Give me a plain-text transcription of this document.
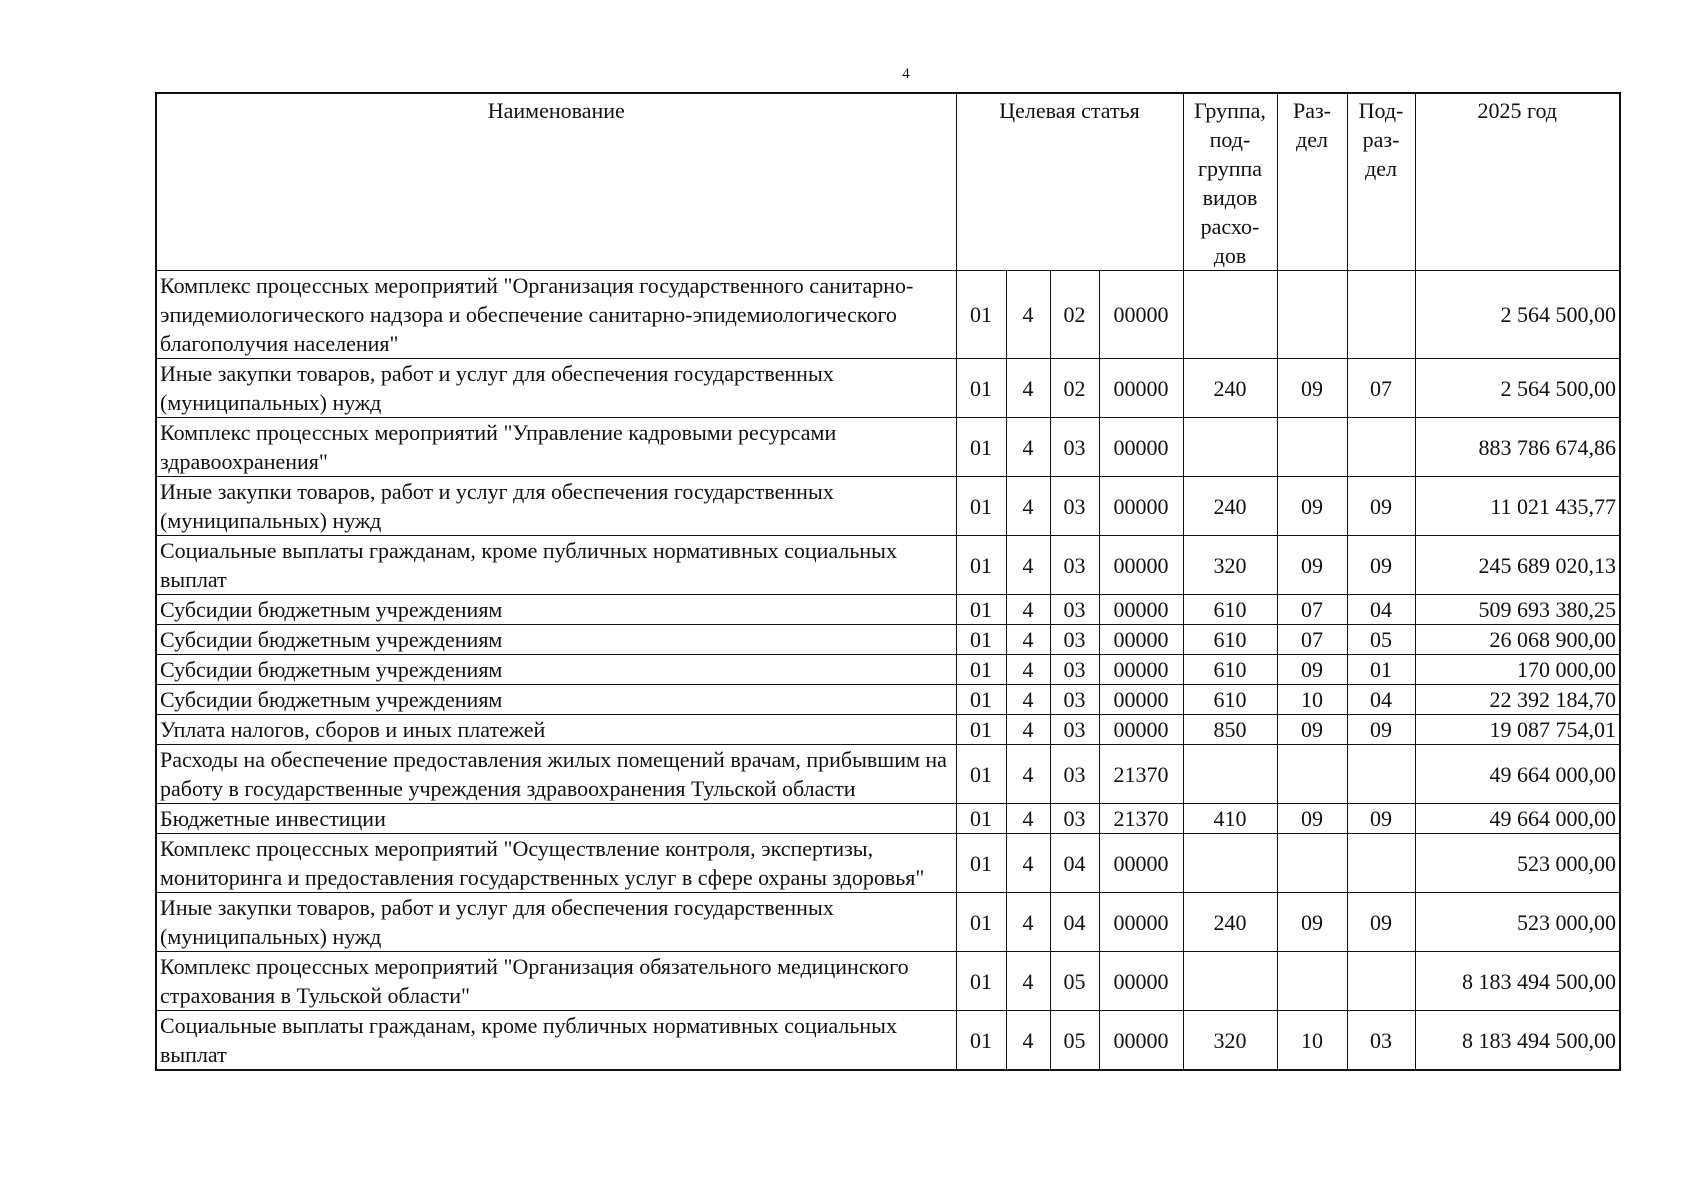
4
Наименование	Целевая статья				Группа, под-группа видов расхо-дов	Раз-дел	Под-раз-дел	2025 год
Комплекс процессных мероприятий "Организация государственного санитарно-эпидемиологического надзора и обеспечение санитарно-эпидемиологического благополучия населения"	01	4	02	00000				2 564 500,00
Иные закупки товаров, работ и услуг для обеспечения государственных (муниципальных) нужд	01	4	02	00000	240	09	07	2 564 500,00
Комплекс процессных мероприятий "Управление кадровыми ресурсами здравоохранения"	01	4	03	00000				883 786 674,86
Иные закупки товаров, работ и услуг для обеспечения государственных (муниципальных) нужд	01	4	03	00000	240	09	09	11 021 435,77
Социальные выплаты гражданам, кроме публичных нормативных социальных выплат	01	4	03	00000	320	09	09	245 689 020,13
Субсидии бюджетным учреждениям	01	4	03	00000	610	07	04	509 693 380,25
Субсидии бюджетным учреждениям	01	4	03	00000	610	07	05	26 068 900,00
Субсидии бюджетным учреждениям	01	4	03	00000	610	09	01	170 000,00
Субсидии бюджетным учреждениям	01	4	03	00000	610	10	04	22 392 184,70
Уплата налогов, сборов и иных платежей	01	4	03	00000	850	09	09	19 087 754,01
Расходы на обеспечение предоставления жилых помещений врачам, прибывшим на работу в государственные учреждения здравоохранения Тульской области	01	4	03	21370				49 664 000,00
Бюджетные инвестиции	01	4	03	21370	410	09	09	49 664 000,00
Комплекс процессных мероприятий "Осуществление контроля, экспертизы, мониторинга и предоставления государственных услуг в сфере охраны здоровья"	01	4	04	00000				523 000,00
Иные закупки товаров, работ и услуг для обеспечения государственных (муниципальных) нужд	01	4	04	00000	240	09	09	523 000,00
Комплекс процессных мероприятий "Организация обязательного медицинского страхования в Тульской области"	01	4	05	00000				8 183 494 500,00
Социальные выплаты гражданам, кроме публичных нормативных социальных выплат	01	4	05	00000	320	10	03	8 183 494 500,00
